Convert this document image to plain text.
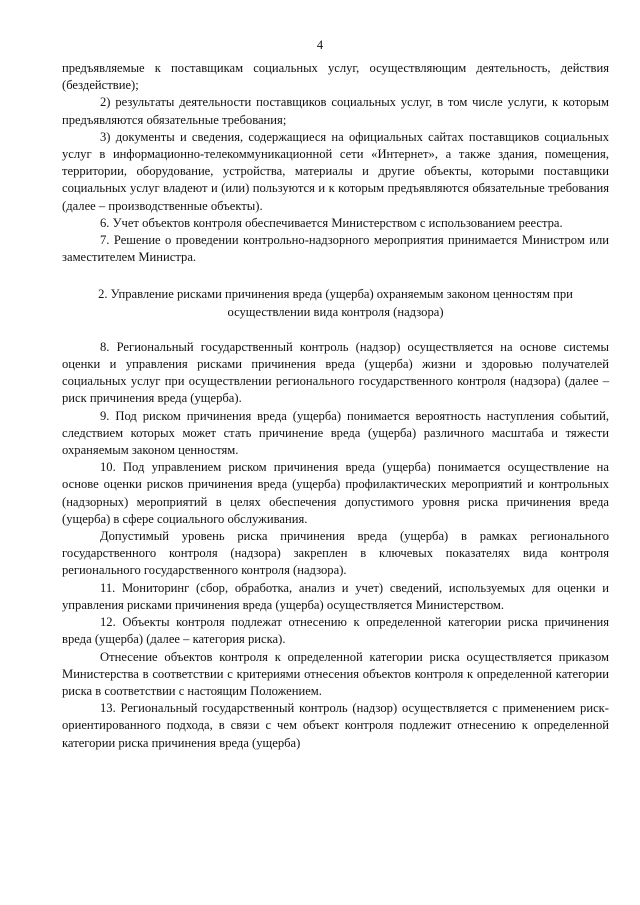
4

предъявляемые к поставщикам социальных услуг, осуществляющим деятельность, действия (бездействие);

2) результаты деятельности поставщиков социальных услуг, в том числе услуги, к которым предъявляются обязательные требования;

3) документы и сведения, содержащиеся на официальных сайтах поставщиков социальных услуг в информационно-телекоммуникационной сети «Интернет», а также здания, помещения, территории, оборудование, устройства, материалы и другие объекты, которыми поставщики социальных услуг владеют и (или) пользуются и к которым предъявляются обязательные требования (далее – производственные объекты).

6. Учет объектов контроля обеспечивается Министерством с использованием реестра.

7. Решение о проведении контрольно-надзорного мероприятия принимается Министром или заместителем Министра.

2. Управление рисками причинения вреда (ущерба) охраняемым законом ценностям при осуществлении вида контроля (надзора)

8. Региональный государственный контроль (надзор) осуществляется на основе системы оценки и управления рисками причинения вреда (ущерба) жизни и здоровью получателей социальных услуг при осуществлении регионального государственного контроля (надзора) (далее – риск причинения вреда (ущерба).

9. Под риском причинения вреда (ущерба) понимается вероятность наступления событий, следствием которых может стать причинение вреда (ущерба) различного масштаба и тяжести охраняемым законом ценностям.

10. Под управлением риском причинения вреда (ущерба) понимается осуществление на основе оценки рисков причинения вреда (ущерба) профилактических мероприятий и контрольных (надзорных) мероприятий в целях обеспечения допустимого уровня риска причинения вреда (ущерба) в сфере социального обслуживания.

Допустимый уровень риска причинения вреда (ущерба) в рамках регионального государственного контроля (надзора) закреплен в ключевых показателях вида контроля регионального государственного контроля (надзора).

11. Мониторинг (сбор, обработка, анализ и учет) сведений, используемых для оценки и управления рисками причинения вреда (ущерба) осуществляется Министерством.

12. Объекты контроля подлежат отнесению к определенной категории риска причинения вреда (ущерба) (далее – категория риска).

Отнесение объектов контроля к определенной категории риска осуществляется приказом Министерства в соответствии с критериями отнесения объектов контроля к определенной категории риска в соответствии с настоящим Положением.

13. Региональный государственный контроль (надзор) осуществляется с применением риск-ориентированного подхода, в связи с чем объект контроля подлежит отнесению к определенной категории риска причинения вреда (ущерба)
